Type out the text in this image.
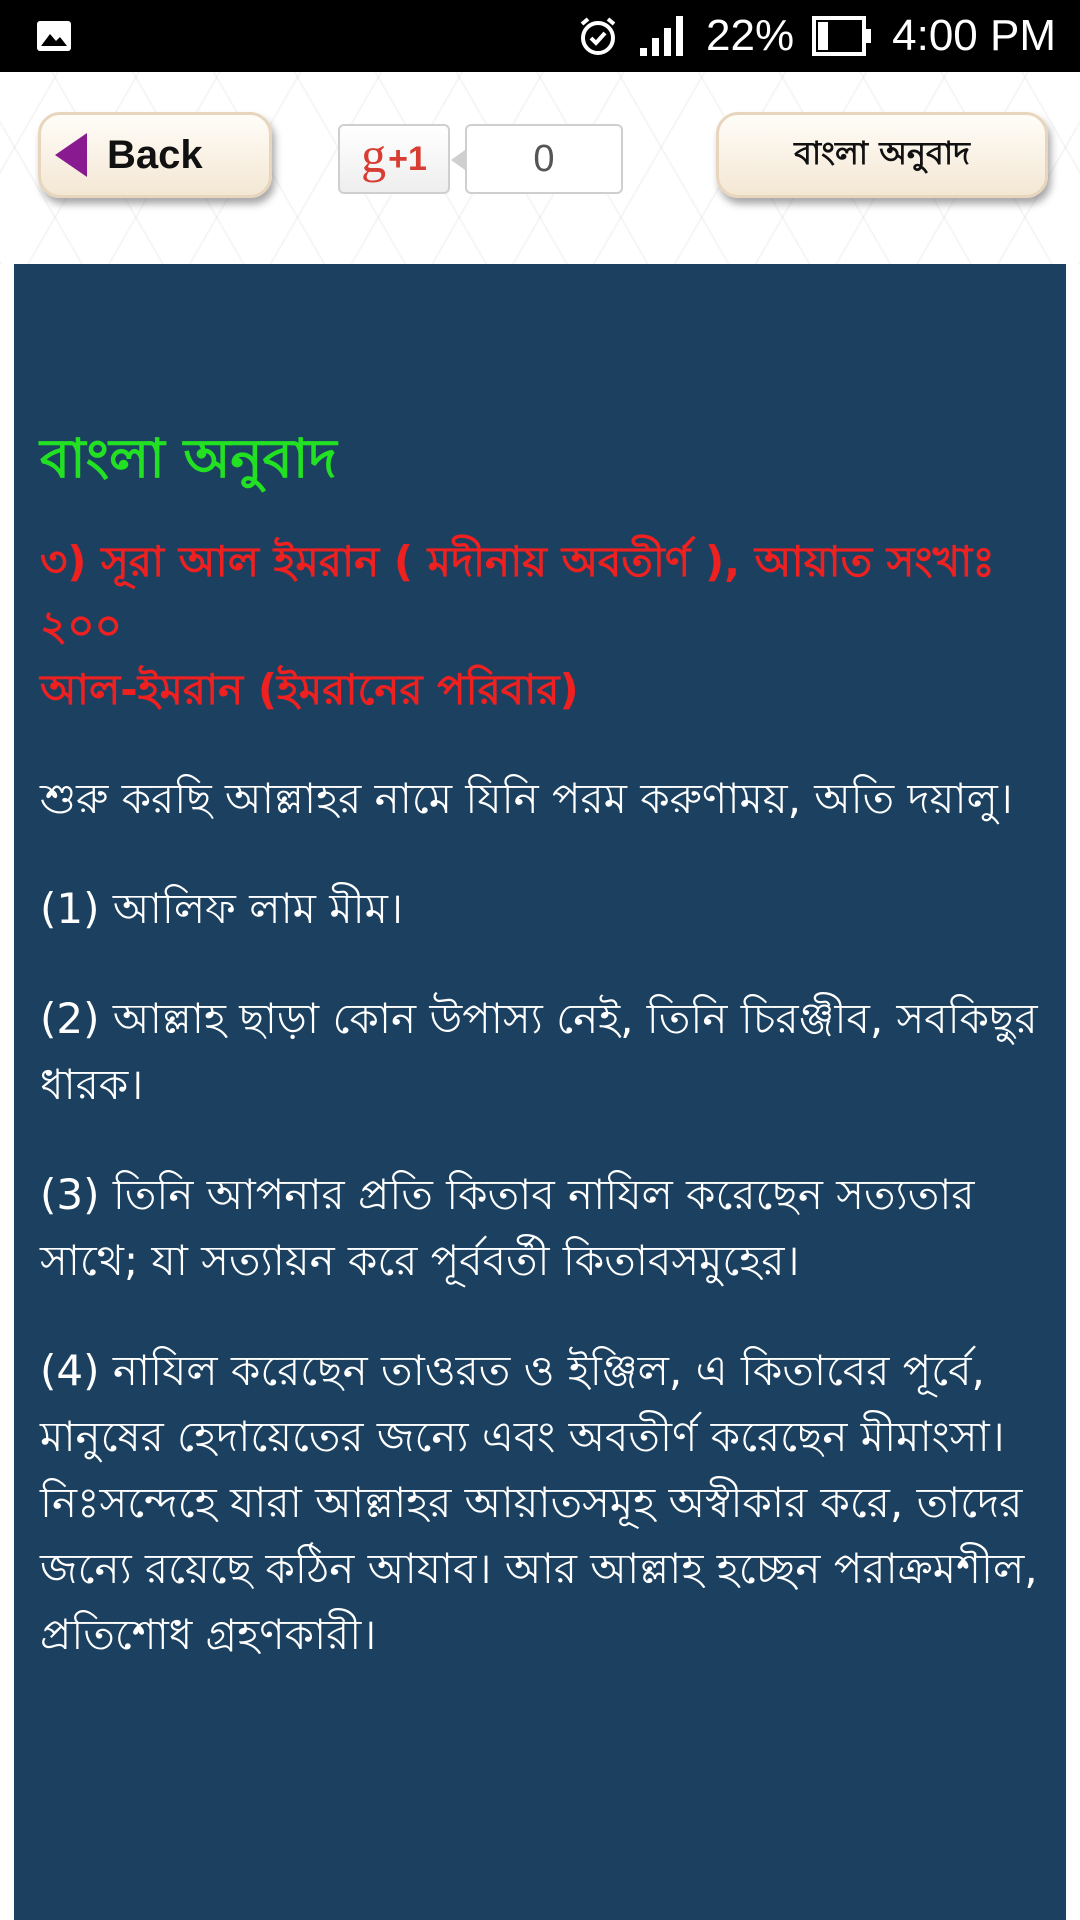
22% 4:00 PM
Back	g +1	0	বাংলা অনুবাদ
বাংলা অনুবাদ
৩) সূরা আল ইমরান ( মদীনায় অবতীর্ণ ), আয়াত সংখাঃ ২০০
আল-ইমরান (ইমরানের পরিবার)

শুরু করছি আল্লাহর নামে যিনি পরম করুণাময়, অতি দয়ালু।

(1) আলিফ লাম মীম।

(2) আল্লাহ ছাড়া কোন উপাস্য নেই, তিনি চিরঞ্জীব, সবকিছুর ধারক।

(3) তিনি আপনার প্রতি কিতাব নাযিল করেছেন সত্যতার সাথে; যা সত্যায়ন করে পূর্ববর্তী কিতাবসমুহের।

(4) নাযিল করেছেন তাওরত ও ইঞ্জিল, এ কিতাবের পূর্বে, মানুষের হেদায়েতের জন্যে এবং অবতীর্ণ করেছেন মীমাংসা। নিঃসন্দেহে যারা আল্লাহর আয়াতসমূহ অস্বীকার করে, তাদের জন্যে রয়েছে কঠিন আযাব। আর আল্লাহ হচ্ছেন পরাক্রমশীল, প্রতিশোধ গ্রহণকারী।
